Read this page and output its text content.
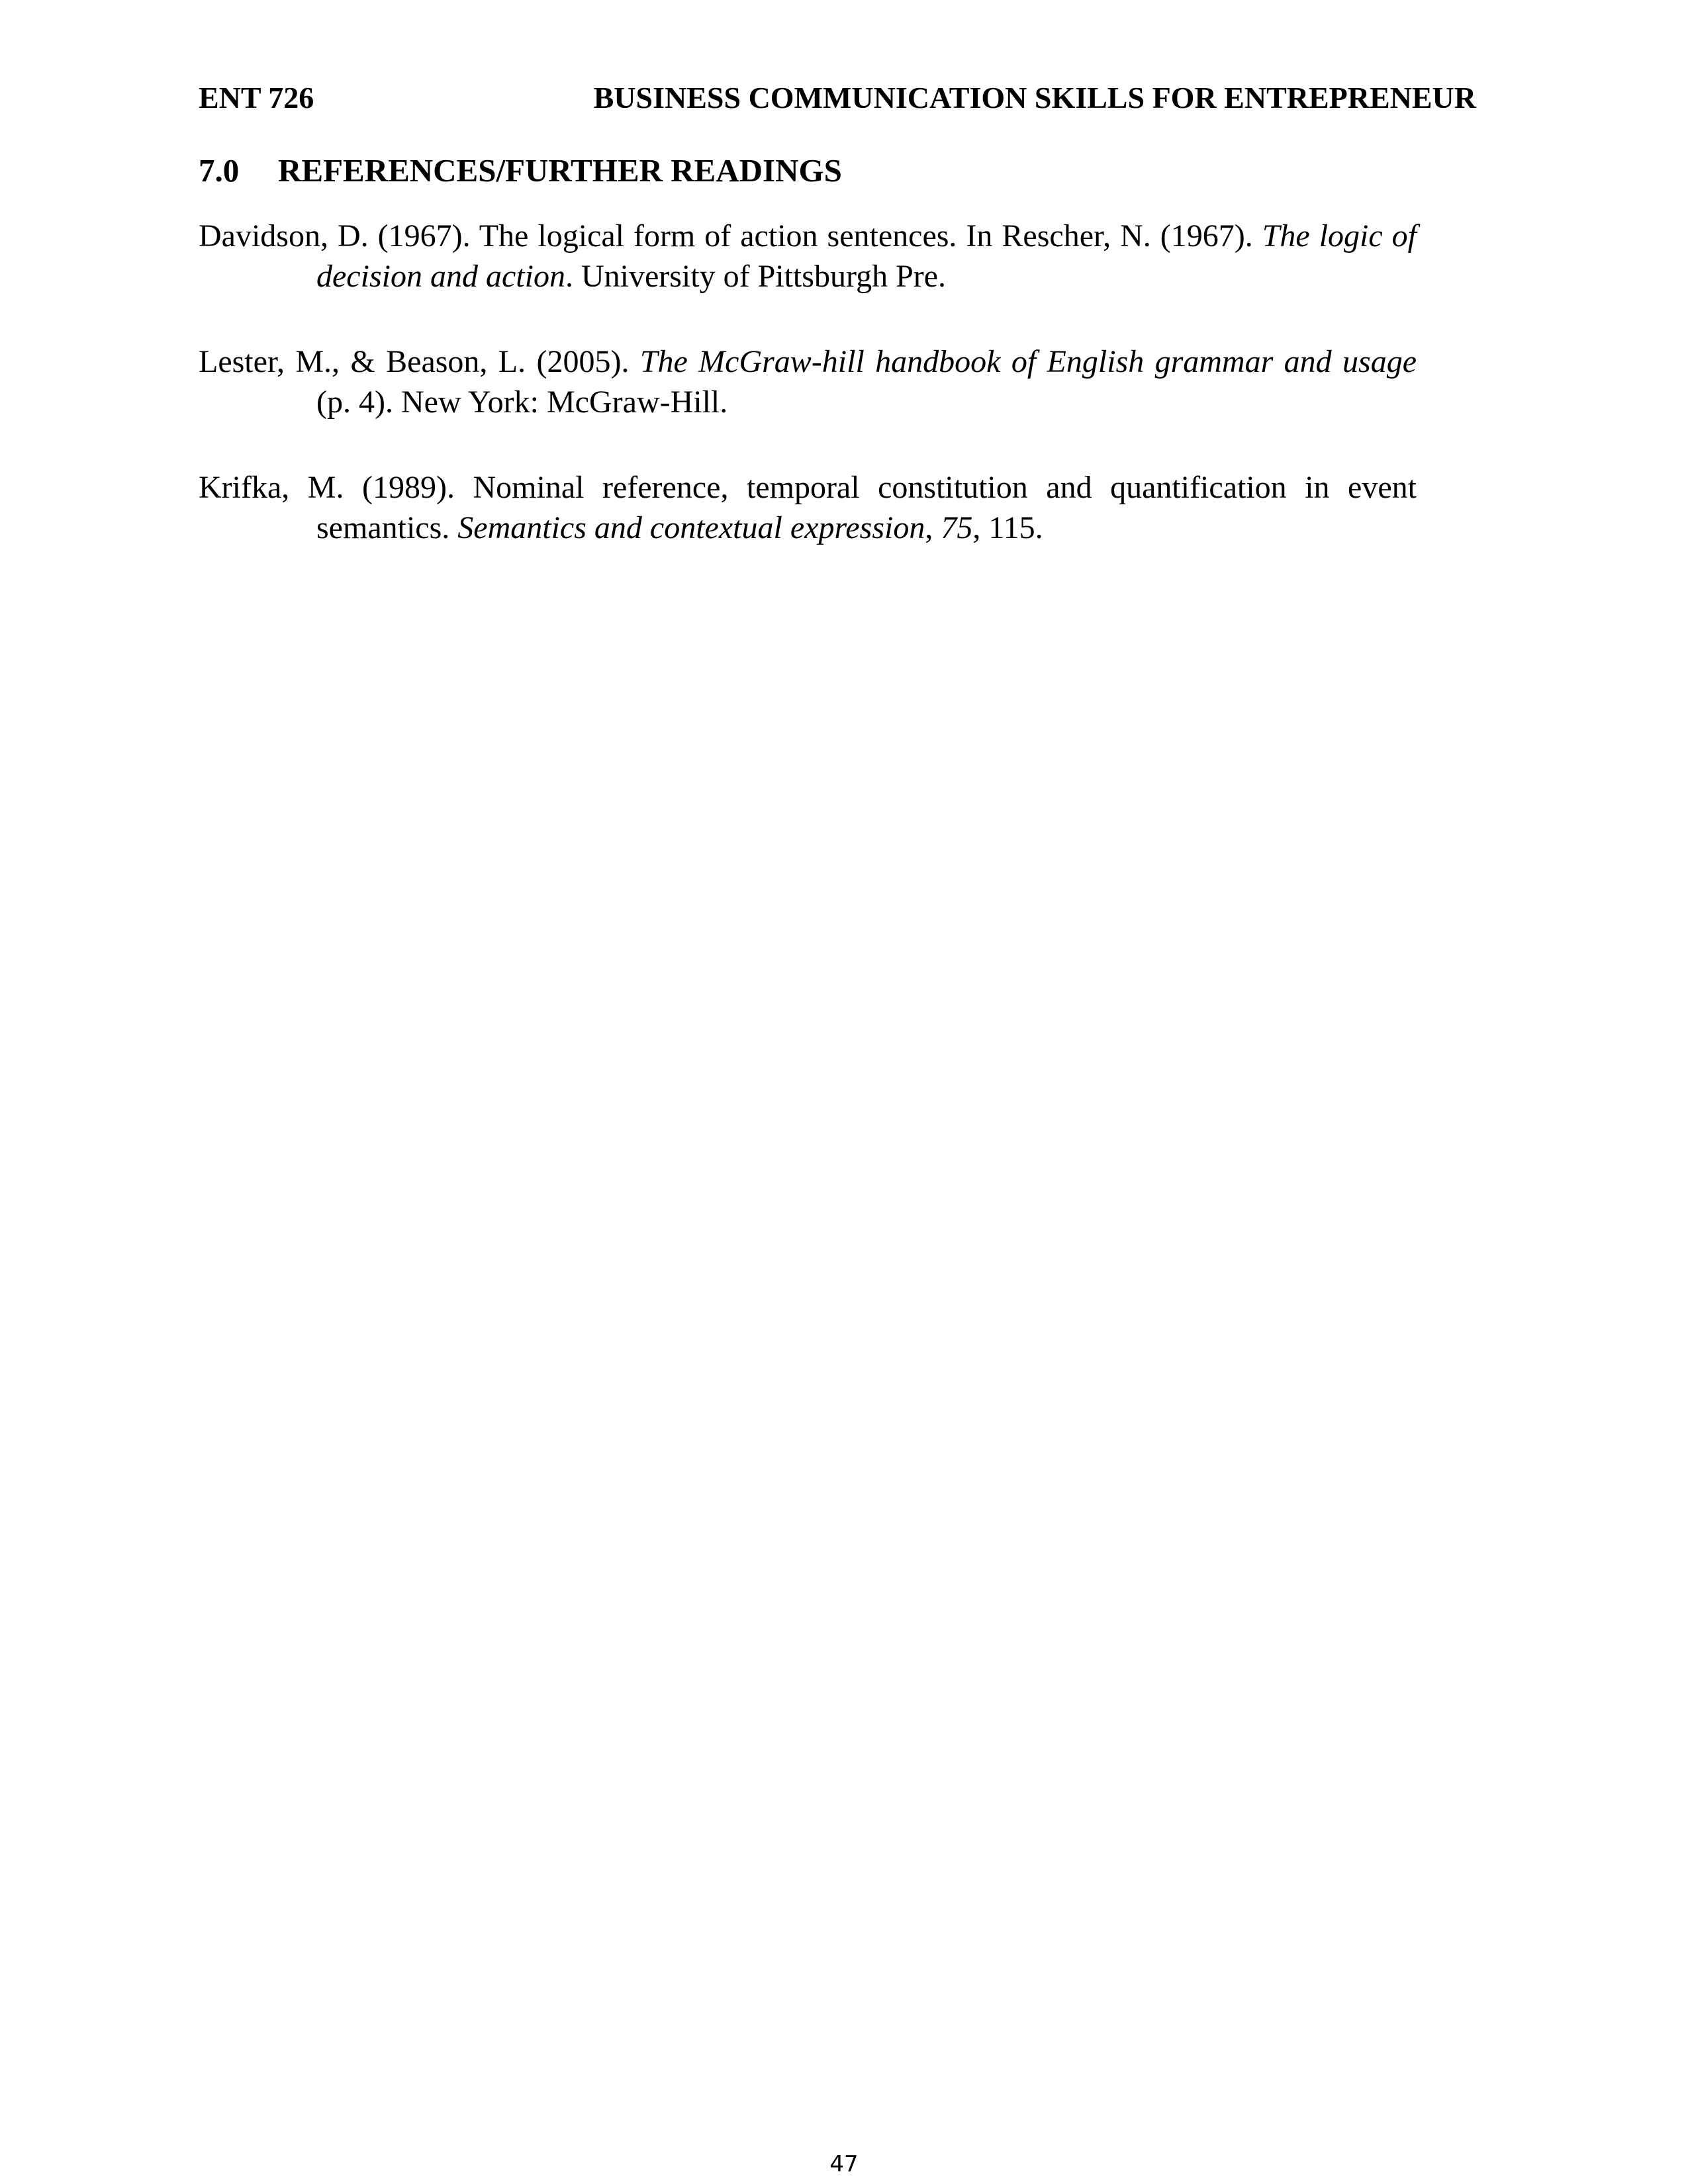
ENT 726	BUSINESS COMMUNICATION SKILLS FOR ENTREPRENEUR
7.0 REFERENCES/FURTHER READINGS

Davidson, D. (1967). The logical form of action sentences. In Rescher, N. (1967). The logic of decision and action. University of Pittsburgh Pre.

Lester, M., & Beason, L. (2005). The McGraw-hill handbook of English grammar and usage (p. 4). New York: McGraw-Hill.

Krifka, M. (1989). Nominal reference, temporal constitution and quantification in event semantics. Semantics and contextual expression, 75, 115.

47
